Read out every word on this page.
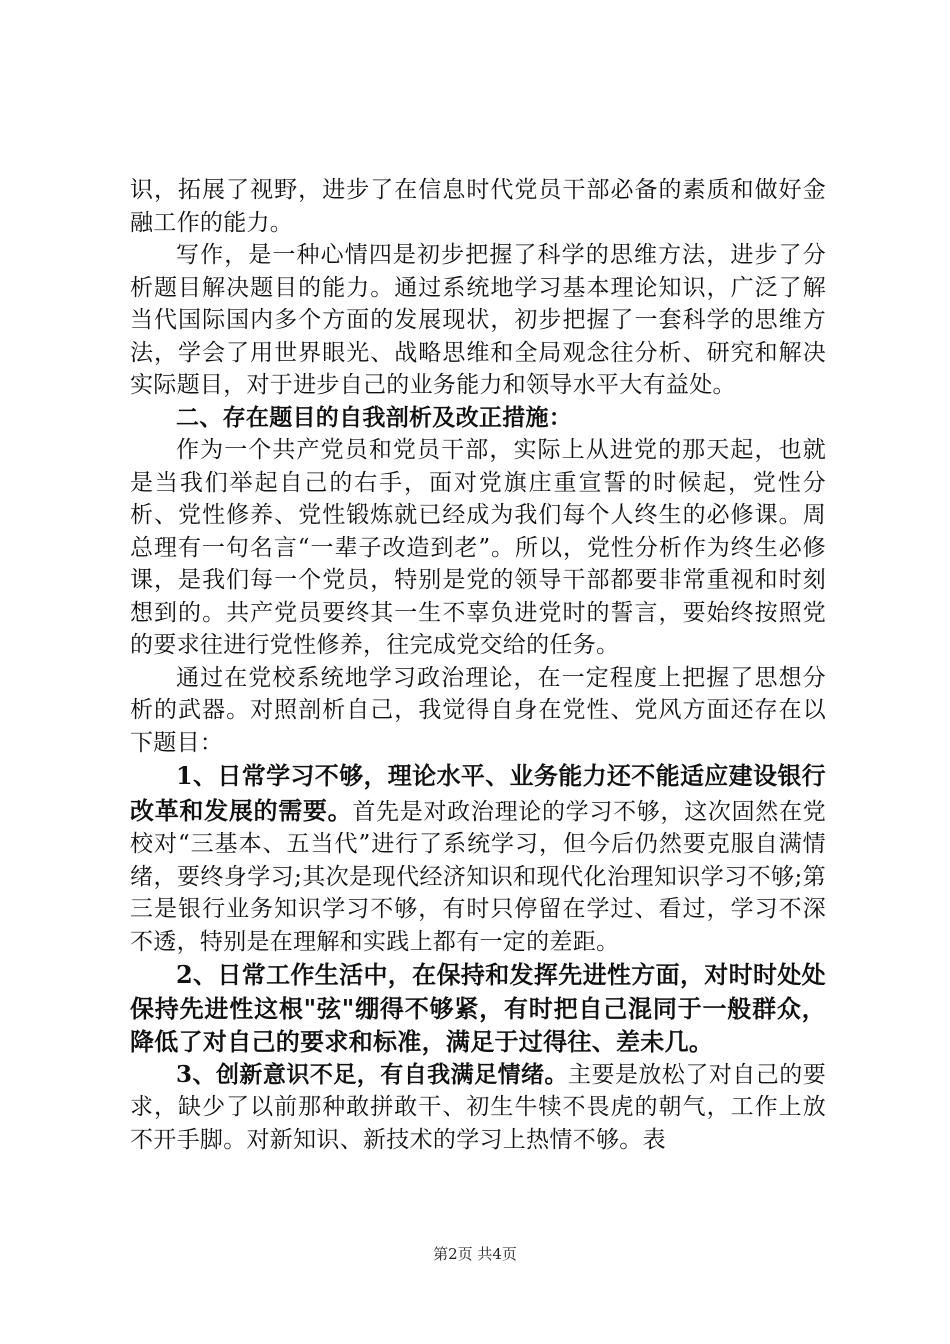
识，拓展了视野，进步了在信息时代党员干部必备的素质和做好金融工作的能力。

写作，是一种心情四是初步把握了科学的思维方法，进步了分析题目解决题目的能力。通过系统地学习基本理论知识，广泛了解当代国际国内多个方面的发展现状，初步把握了一套科学的思维方法，学会了用世界眼光、战略思维和全局观念往分析、研究和解决实际题目，对于进步自己的业务能力和领导水平大有益处。

二、存在题目的自我剖析及改正措施：

作为一个共产党员和党员干部，实际上从进党的那天起，也就是当我们举起自己的右手，面对党旗庄重宣誓的时候起，党性分析、党性修养、党性锻炼就已经成为我们每个人终生的必修课。周总理有一句名言“一辈子改造到老”。所以，党性分析作为终生必修课，是我们每一个党员，特别是党的领导干部都要非常重视和时刻想到的。共产党员要终其一生不辜负进党时的誓言，要始终按照党的要求往进行党性修养，往完成党交给的任务。

通过在党校系统地学习政治理论，在一定程度上把握了思想分析的武器。对照剖析自己，我觉得自身在党性、党风方面还存在以下题目：

1、日常学习不够，理论水平、业务能力还不能适应建设银行改革和发展的需要。首先是对政治理论的学习不够，这次固然在党校对“三基本、五当代”进行了系统学习，但今后仍然要克服自满情绪，要终身学习;其次是现代经济知识和现代化治理知识学习不够;第三是银行业务知识学习不够，有时只停留在学过、看过，学习不深不透，特别是在理解和实践上都有一定的差距。

2、日常工作生活中，在保持和发挥先进性方面，对时时处处保持先进性这根"弦"绷得不够紧，有时把自己混同于一般群众，降低了对自己的要求和标准，满足于过得往、差未几。

3、创新意识不足，有自我满足情绪。主要是放松了对自己的要求，缺少了以前那种敢拼敢干、初生牛犊不畏虎的朝气，工作上放不开手脚。对新知识、新技术的学习上热情不够。表

第2页 共4页
